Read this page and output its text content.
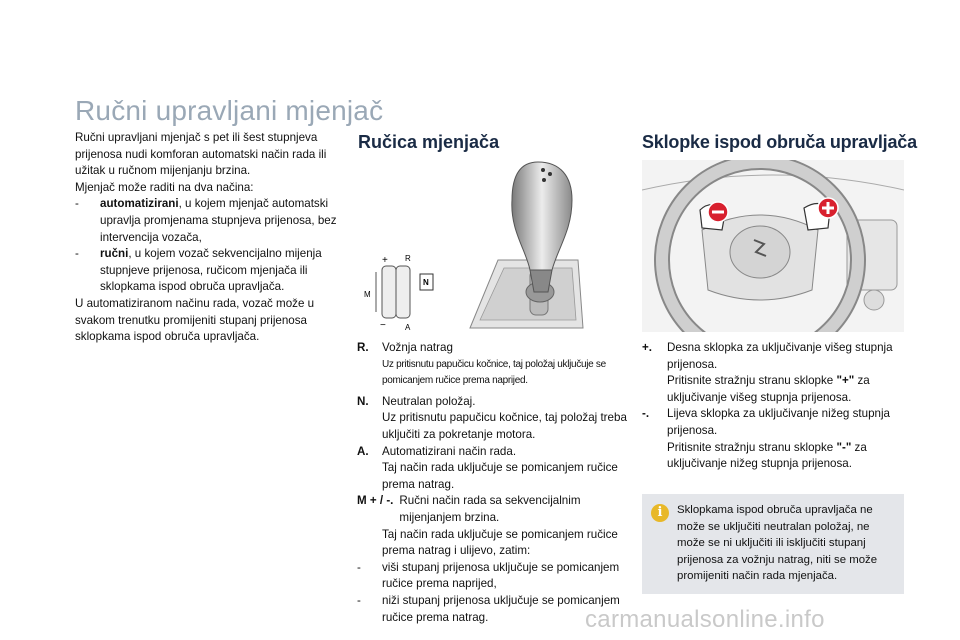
Ručni upravljani mjenjač

Ručni upravljani mjenjač s pet ili šest stupnjeva prijenosa nudi komforan automatski način rada ili užitak u ručnom mijenjanju brzina.

Mjenjač može raditi na dva načina:

-	automatizirani, u kojem mjenjač automatski upravlja promjenama stupnjeva prijenosa, bez intervencija vozača,
-	ručni, u kojem vozač sekvencijalno mijenja stupnjeve prijenosa, ručicom mjenjača ili sklopkama ispod obruča upravljača.

U automatiziranom načinu rada, vozač može u svakom trenutku promijeniti stupanj prijenosa sklopkama ispod obruča upravljača.

Ručica mjenjača
R
N
A
M
+
−
R.	Vožnja natrag
Uz pritisnutu papučicu kočnice, taj položaj uključuje se pomicanjem ručice prema naprijed.
N.	Neutralan položaj.
Uz pritisnutu papučicu kočnice, taj položaj treba uključiti za pokretanje motora.
A.	Automatizirani način rada.
Taj način rada uključuje se pomicanjem ručice prema natrag.
M + / -. Ručni način rada sa sekvencijalnim mijenjanjem brzina.
Taj način rada uključuje se pomicanjem ručice prema natrag i ulijevo, zatim:
-	viši stupanj prijenosa uključuje se pomicanjem ručice prema naprijed,
-	niži stupanj prijenosa uključuje se pomicanjem ručice prema natrag.
Sklopke ispod obruča upravljača
+.	Desna sklopka za uključivanje višeg stupnja prijenosa.
Pritisnite stražnju stranu sklopke "+" za uključivanje višeg stupnja prijenosa.
-.	Lijeva sklopka za uključivanje nižeg stupnja prijenosa.
Pritisnite stražnju stranu sklopke "-" za uključivanje nižeg stupnja prijenosa.
i	Sklopkama ispod obruča upravljača ne može se uključiti neutralan položaj, ne može se ni uključiti ili isključiti stupanj prijenosa za vožnju natrag, niti se može promijeniti način rada mjenjača.
carmanualsonline.info
